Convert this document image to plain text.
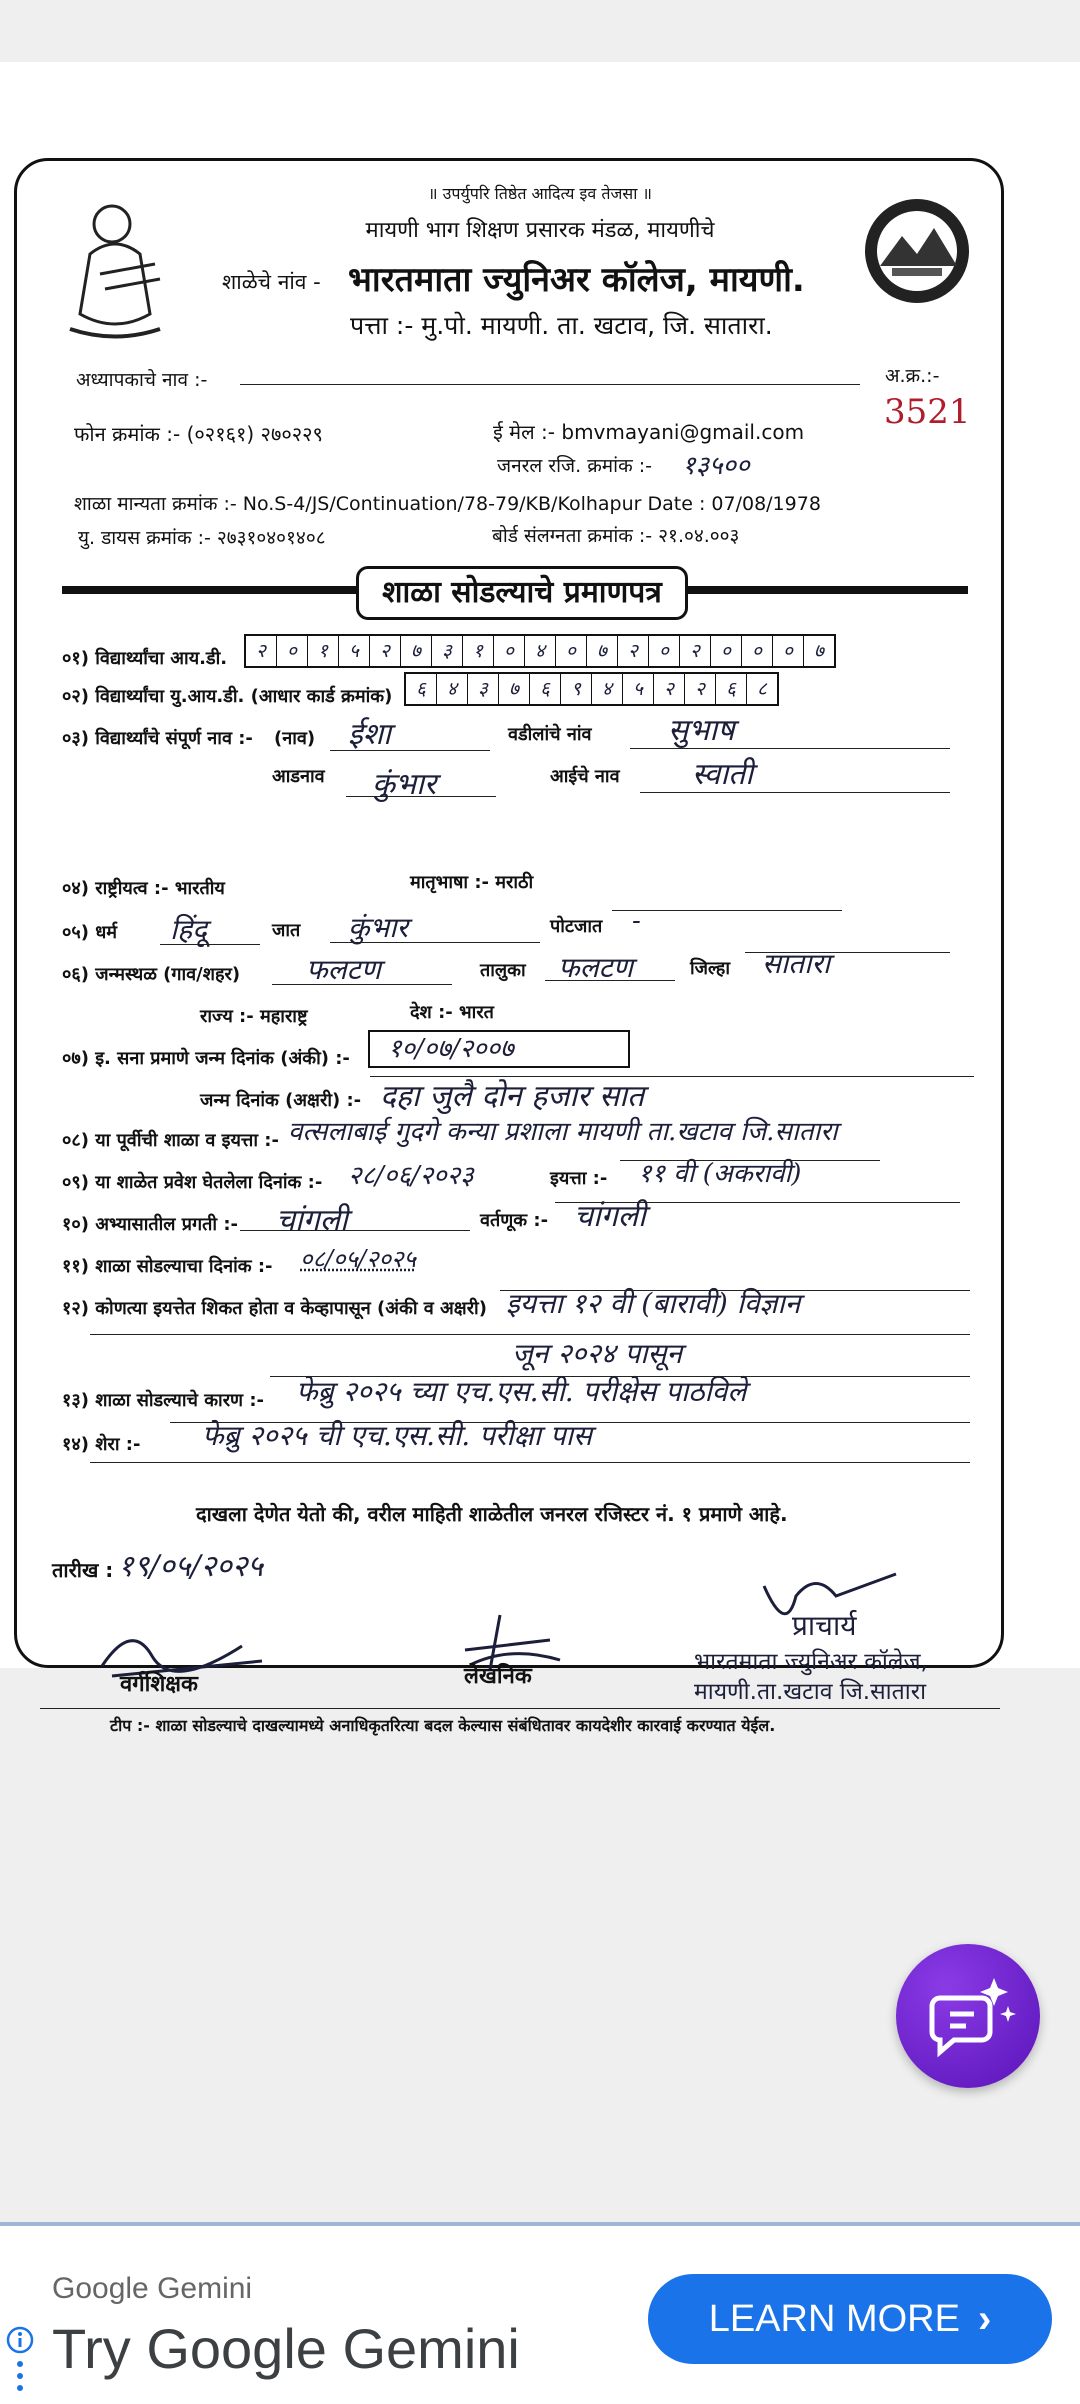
॥ उपर्युपरि तिष्ठेत आदित्य इव तेजसा ॥
मायणी भाग शिक्षण प्रसारक मंडळ, मायणीचे
शाळेचे नांव - भारतमाता ज्युनिअर कॉलेज, मायणी.
पत्ता :- मु.पो. मायणी. ता. खटाव, जि. सातारा.
अध्यापकाचे नाव :-	अ.क्र.:-
3521
फोन क्रमांक :- (०२१६१) २७०२२९	ई मेल :- bmvmayani@gmail.com
जनरल रजि. क्रमांक :- १३५००
शाळा मान्यता क्रमांक :- No.S-4/JS/Continuation/78-79/KB/Kolhapur Date : 07/08/1978
यु. डायस क्रमांक :- २७३१०४०१४०८	बोर्ड संलग्नता क्रमांक :- २१.०४.००३
शाळा सोडल्याचे प्रमाणपत्र
०१) विद्यार्थ्यांचा आय.डी.	२	०	१	५	२	७	३	१	०	४	०	७	२	०	२	०	०	०	७
०२) विद्यार्थ्यांचा यु.आय.डी. (आधार कार्ड क्रमांक)	६	४	३	७	६	९	४	५	२	२	६	८
०३) विद्यार्थ्यांचे संपूर्ण नाव :- (नाव) ईशा	वडीलांचे नांव	सुभाष
आडनाव कुंभार	आईचे नाव स्वाती
०४) राष्ट्रीयत्व :- भारतीय	मातृभाषा :- मराठी
०५) धर्म हिंदू	जात कुंभार	पोटजात -
०६) जन्मस्थळ (गाव/शहर) फलटण	तालुका फलटण	जिल्हा सातारा
राज्य :- महाराष्ट्र	देश :- भारत
०७) इ. सना प्रमाणे जन्म दिनांक (अंकी) :-	१०/०७/२००७
जन्म दिनांक (अक्षरी) :- दहा जुलै दोन हजार सात
०८) या पूर्वीची शाळा व इयत्ता :- वत्सलाबाई गुदगे कन्या प्रशाला मायणी ता.खटाव जि.सातारा
०९) या शाळेत प्रवेश घेतलेला दिनांक :- २८/०६/२०२३	इयत्ता :- ११ वी (अकरावी)
१०) अभ्यासातील प्रगती :- चांगली	वर्तणूक :- चांगली
११) शाळा सोडल्याचा दिनांक :- ०८/०५/२०२५
१२) कोणत्या इयत्तेत शिकत होता व केव्हापासून (अंकी व अक्षरी) इयत्ता १२ वी (बारावी) विज्ञान
जून २०२४ पासून
१३) शाळा सोडल्याचे कारण :- फेब्रु २०२५ च्या एच.एस.सी. परीक्षेस पाठविले
१४) शेरा :- फेब्रु २०२५ ची एच.एस.सी. परीक्षा पास
दाखला देणेत येतो की, वरील माहिती शाळेतील जनरल रजिस्टर नं. १ प्रमाणे आहे.
तारीख : १९/०५/२०२५
वर्गशिक्षक	लेखनिक
प्राचार्य
भारतमाता ज्युनिअर कॉलेज,
मायणी.ता.खटाव जि.सातारा
टीप :- शाळा सोडल्याचे दाखल्यामध्ये अनाधिकृतरित्या बदल केल्यास संबंधितावर कायदेशीर कारवाई करण्यात येईल.
Google Gemini
Try Google Gemini	LEARN MORE ›
